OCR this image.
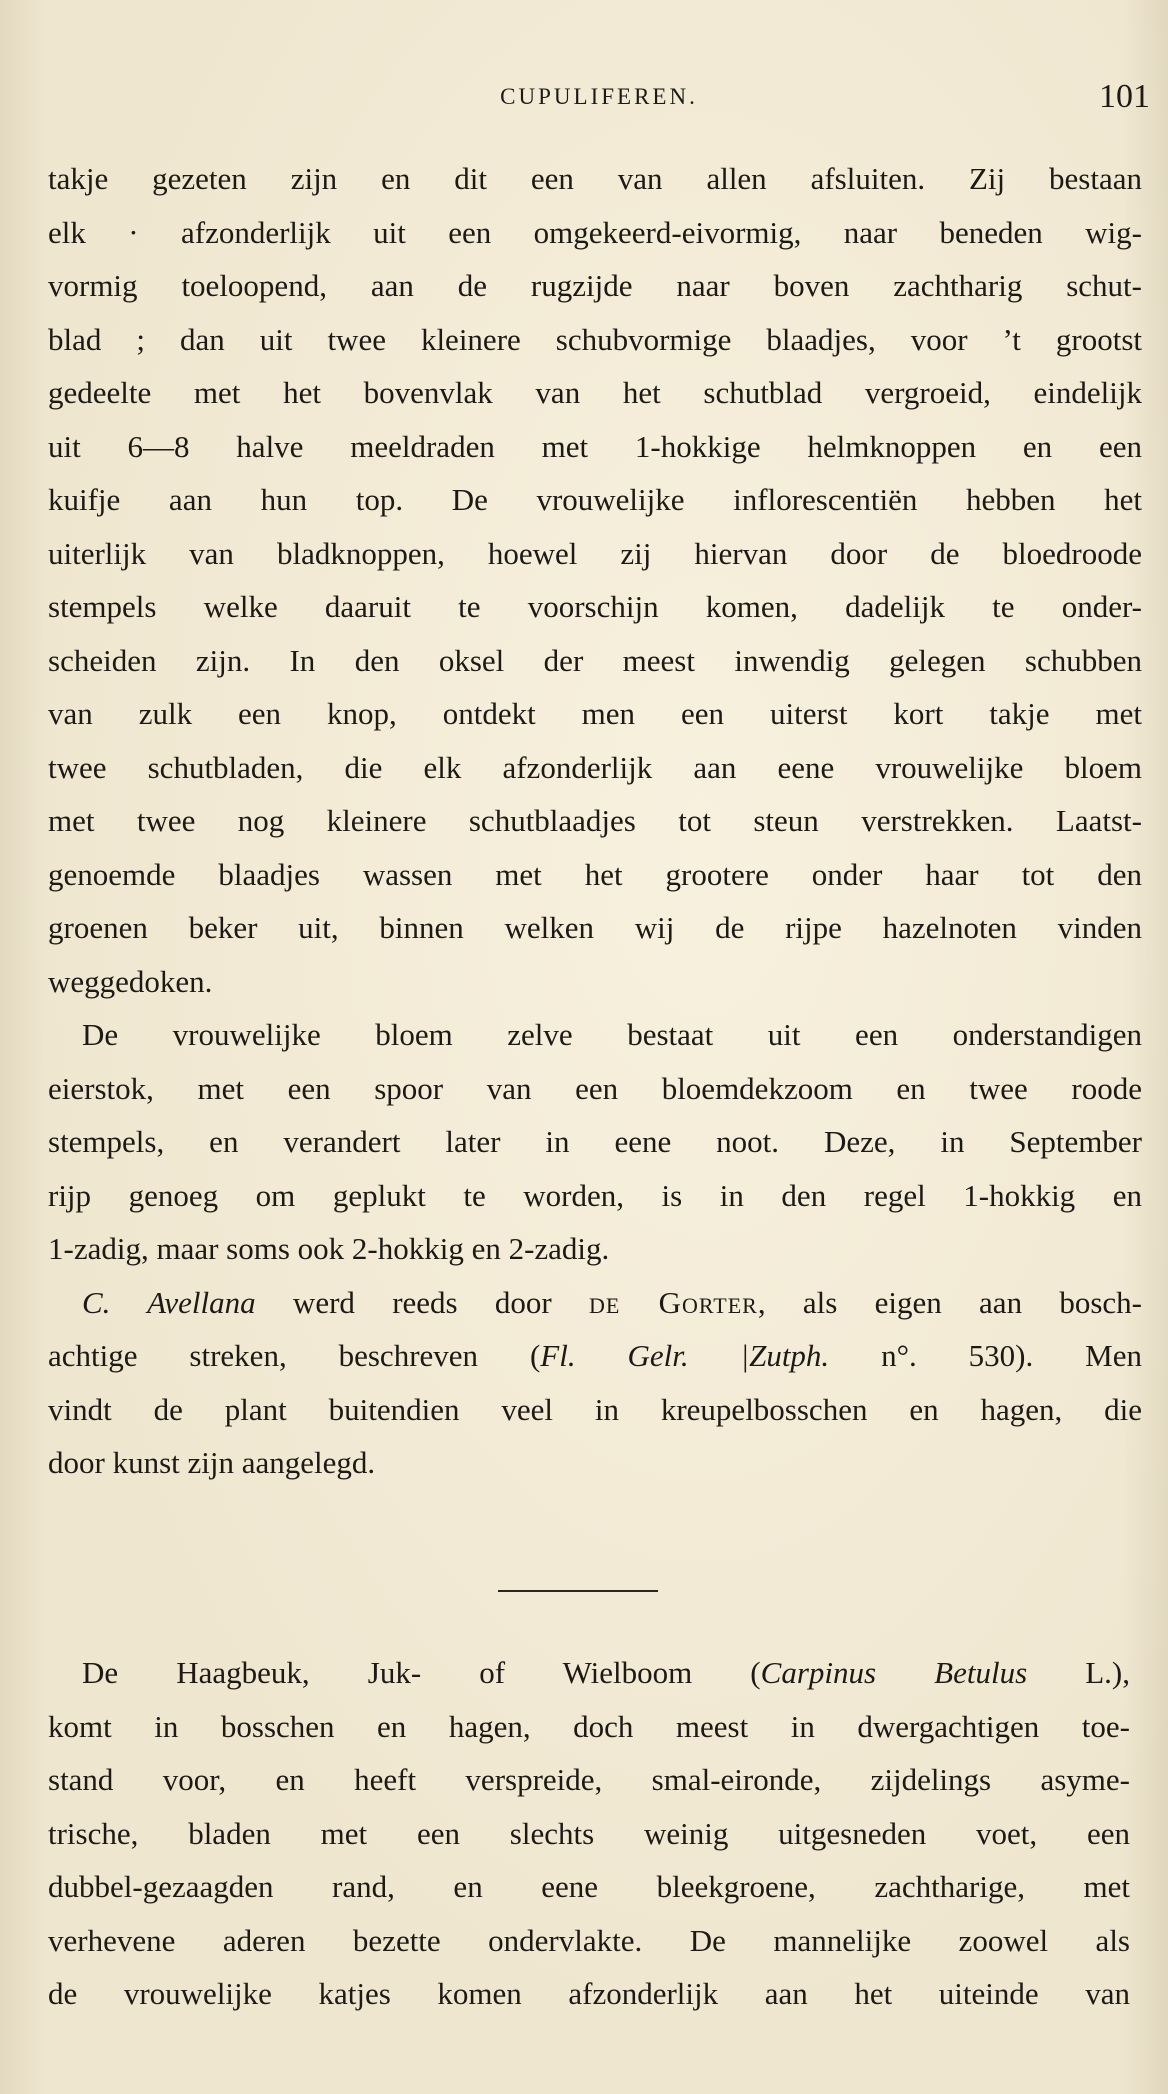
CUPULIFEREN.	101
takje gezeten zijn en dit een van allen afsluiten. Zij bestaan
elk · afzonderlijk uit een omgekeerd-eivormig, naar beneden wig-
vormig toeloopend, aan de rugzijde naar boven zachtharig schut-
blad ; dan uit twee kleinere schubvormige blaadjes, voor ’t grootst
gedeelte met het bovenvlak van het schutblad vergroeid, eindelijk
uit 6—8 halve meeldraden met 1-hokkige helmknoppen en een
kuifje aan hun top. De vrouwelijke inflorescentiën hebben het
uiterlijk van bladknoppen, hoewel zij hiervan door de bloedroode
stempels welke daaruit te voorschijn komen, dadelijk te onder-
scheiden zijn. In den oksel der meest inwendig gelegen schubben
van zulk een knop, ontdekt men een uiterst kort takje met
twee schutbladen, die elk afzonderlijk aan eene vrouwelijke bloem
met twee nog kleinere schutblaadjes tot steun verstrekken. Laatst-
genoemde blaadjes wassen met het grootere onder haar tot den
groenen beker uit, binnen welken wij de rijpe hazelnoten vinden
weggedoken.
De vrouwelijke bloem zelve bestaat uit een onderstandigen
eierstok, met een spoor van een bloemdekzoom en twee roode
stempels, en verandert later in eene noot. Deze, in September
rijp genoeg om geplukt te worden, is in den regel 1-hokkig en
1-zadig, maar soms ook 2-hokkig en 2-zadig.
C. Avellana werd reeds door de Gorter, als eigen aan bosch-
achtige streken, beschreven (Fl. Gelr. |Zutph. n°. 530). Men
vindt de plant buitendien veel in kreupelbosschen en hagen, die
door kunst zijn aangelegd.
De Haagbeuk, Juk- of Wielboom (Carpinus Betulus L.),
komt in bosschen en hagen, doch meest in dwergachtigen toe-
stand voor, en heeft verspreide, smal-eironde, zijdelings asyme-
trische, bladen met een slechts weinig uitgesneden voet, een
dubbel-gezaagden rand, en eene bleekgroene, zachtharige, met
verhevene aderen bezette ondervlakte. De mannelijke zoowel als
de vrouwelijke katjes komen afzonderlijk aan het uiteinde van
